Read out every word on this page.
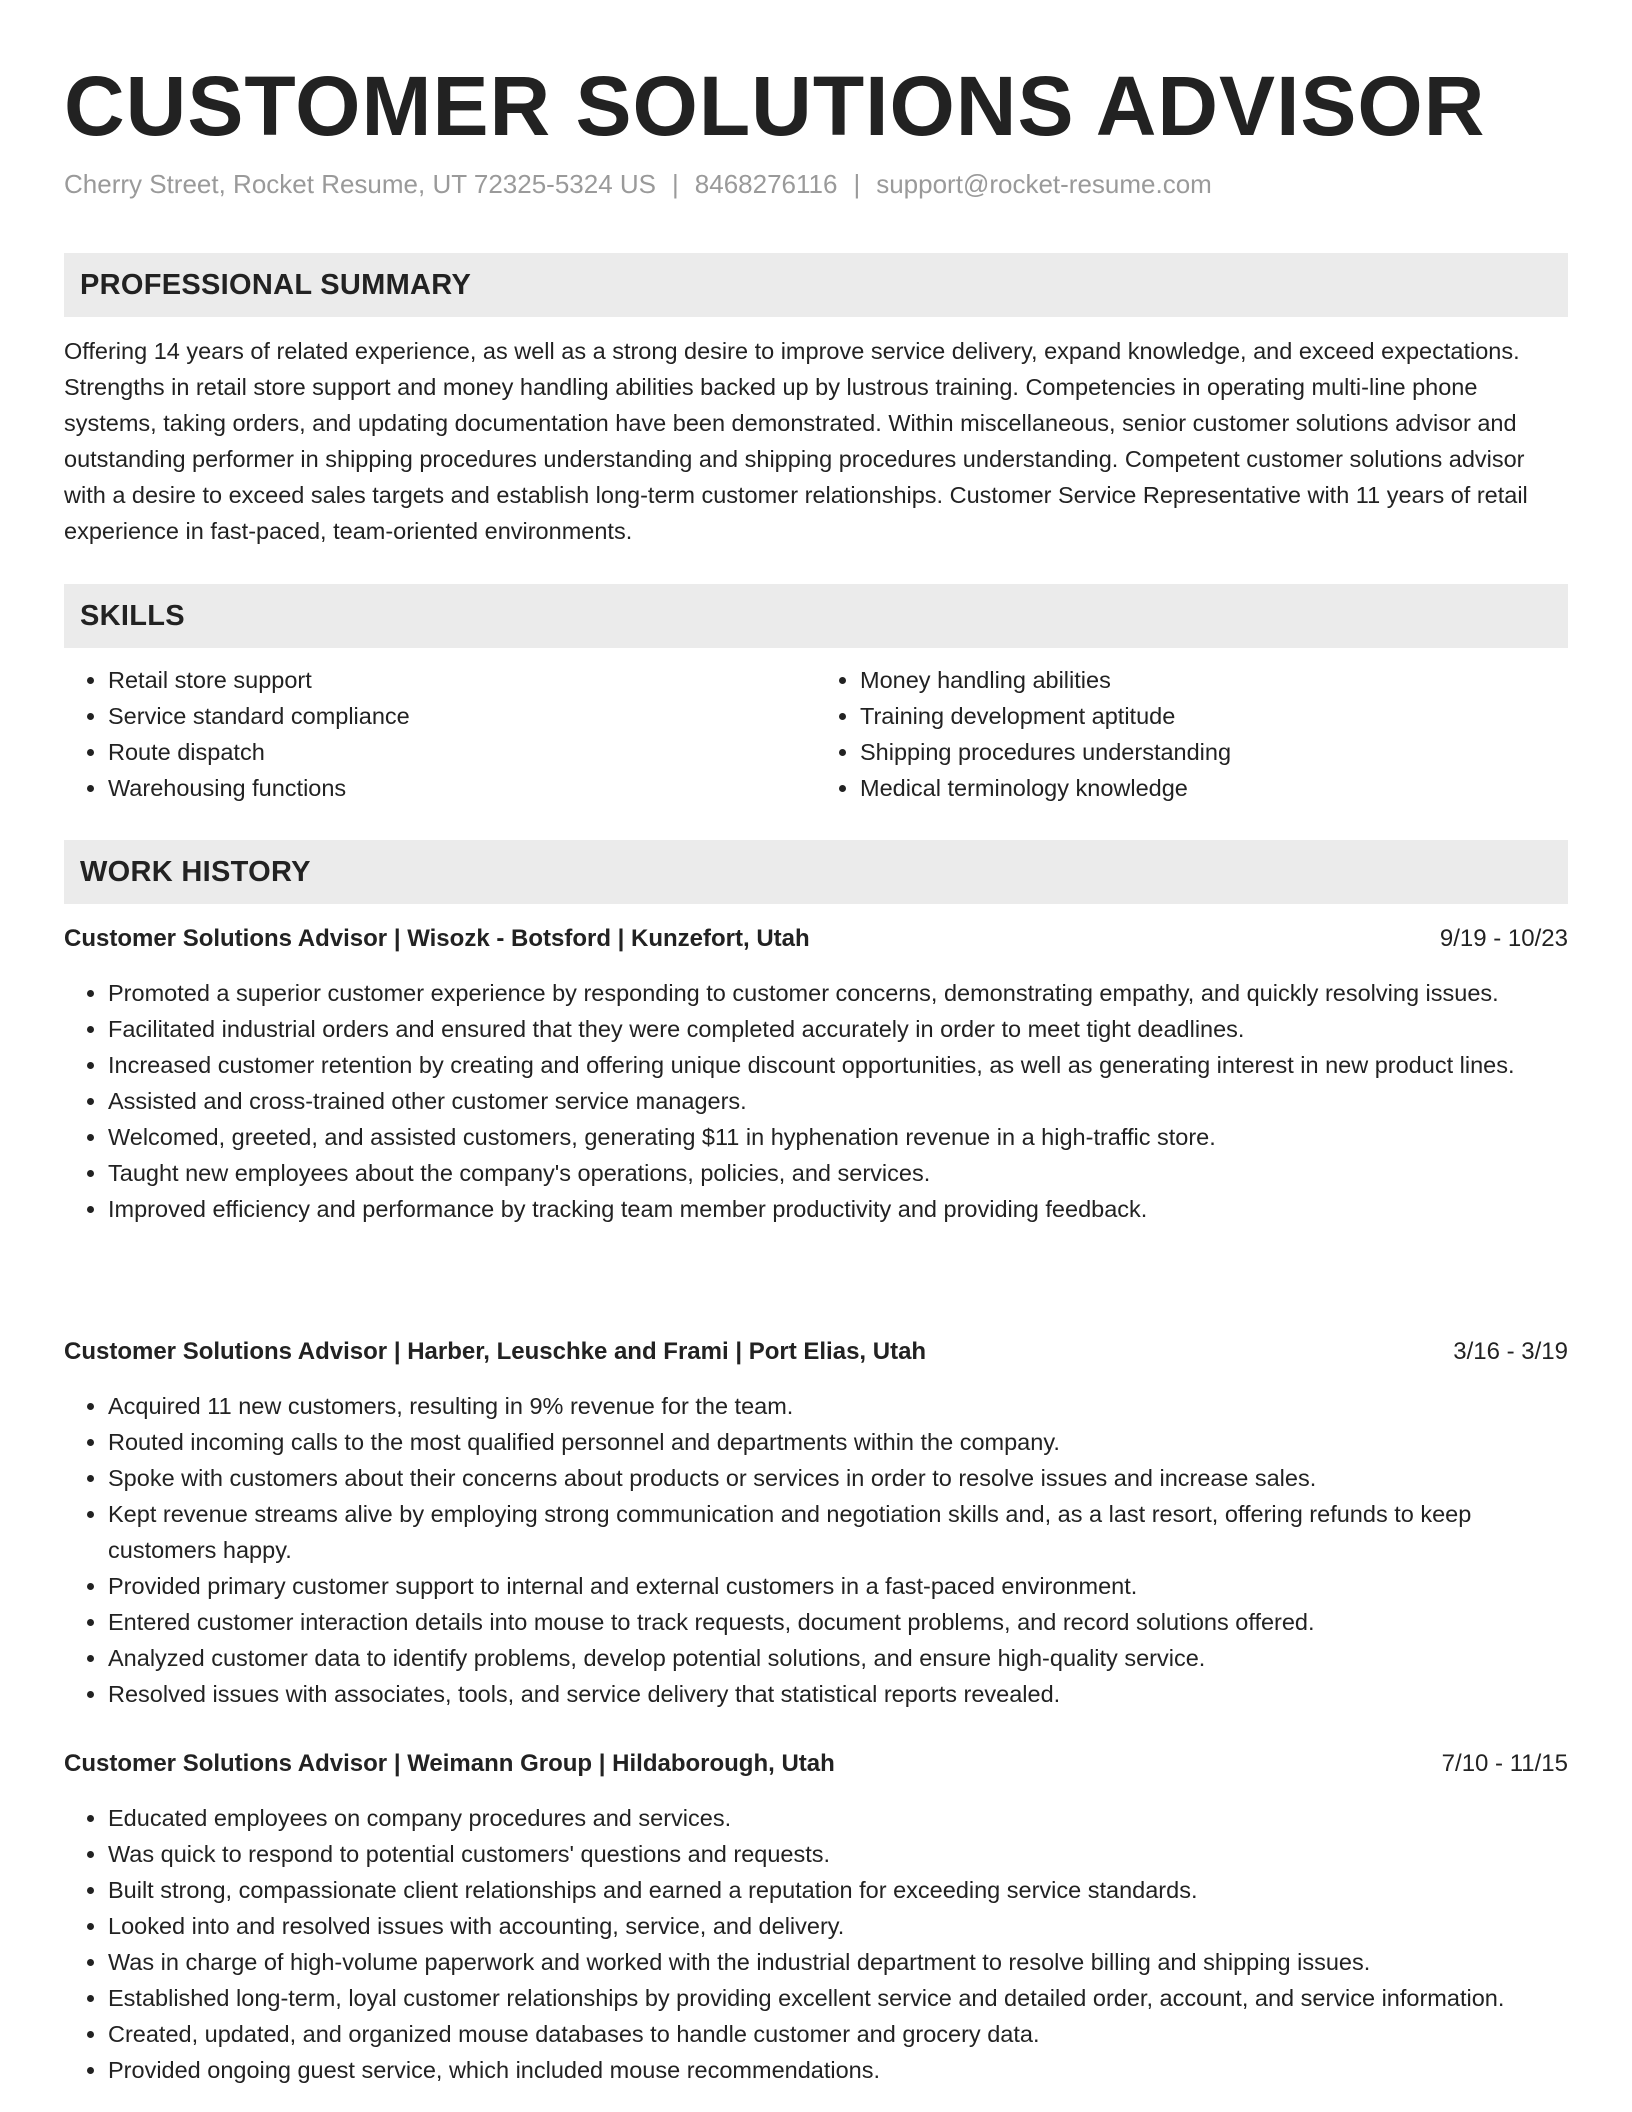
CUSTOMER SOLUTIONS ADVISOR
Cherry Street, Rocket Resume, UT 72325-5324 US | 8468276116 | support@rocket-resume.com
PROFESSIONAL SUMMARY

Offering 14 years of related experience, as well as a strong desire to improve service delivery, expand knowledge, and exceed expectations. Strengths in retail store support and money handling abilities backed up by lustrous training. Competencies in operating multi-line phone systems, taking orders, and updating documentation have been demonstrated. Within miscellaneous, senior customer solutions advisor and outstanding performer in shipping procedures understanding and shipping procedures understanding. Competent customer solutions advisor with a desire to exceed sales targets and establish long-term customer relationships. Customer Service Representative with 11 years of retail experience in fast-paced, team-oriented environments.

SKILLS
• Retail store support
• Service standard compliance
• Route dispatch
• Warehousing functions
• Money handling abilities
• Training development aptitude
• Shipping procedures understanding
• Medical terminology knowledge
WORK HISTORY
Customer Solutions Advisor | Wisozk - Botsford | Kunzefort, Utah	9/19 - 10/23
• Promoted a superior customer experience by responding to customer concerns, demonstrating empathy, and quickly resolving issues.
• Facilitated industrial orders and ensured that they were completed accurately in order to meet tight deadlines.
• Increased customer retention by creating and offering unique discount opportunities, as well as generating interest in new product lines.
• Assisted and cross-trained other customer service managers.
• Welcomed, greeted, and assisted customers, generating $11 in hyphenation revenue in a high-traffic store.
• Taught new employees about the company's operations, policies, and services.
• Improved efficiency and performance by tracking team member productivity and providing feedback.
Customer Solutions Advisor | Harber, Leuschke and Frami | Port Elias, Utah	3/16 - 3/19
• Acquired 11 new customers, resulting in 9% revenue for the team.
• Routed incoming calls to the most qualified personnel and departments within the company.
• Spoke with customers about their concerns about products or services in order to resolve issues and increase sales.
• Kept revenue streams alive by employing strong communication and negotiation skills and, as a last resort, offering refunds to keep customers happy.
• Provided primary customer support to internal and external customers in a fast-paced environment.
• Entered customer interaction details into mouse to track requests, document problems, and record solutions offered.
• Analyzed customer data to identify problems, develop potential solutions, and ensure high-quality service.
• Resolved issues with associates, tools, and service delivery that statistical reports revealed.
Customer Solutions Advisor | Weimann Group | Hildaborough, Utah	7/10 - 11/15
• Educated employees on company procedures and services.
• Was quick to respond to potential customers' questions and requests.
• Built strong, compassionate client relationships and earned a reputation for exceeding service standards.
• Looked into and resolved issues with accounting, service, and delivery.
• Was in charge of high-volume paperwork and worked with the industrial department to resolve billing and shipping issues.
• Established long-term, loyal customer relationships by providing excellent service and detailed order, account, and service information.
• Created, updated, and organized mouse databases to handle customer and grocery data.
• Provided ongoing guest service, which included mouse recommendations.
